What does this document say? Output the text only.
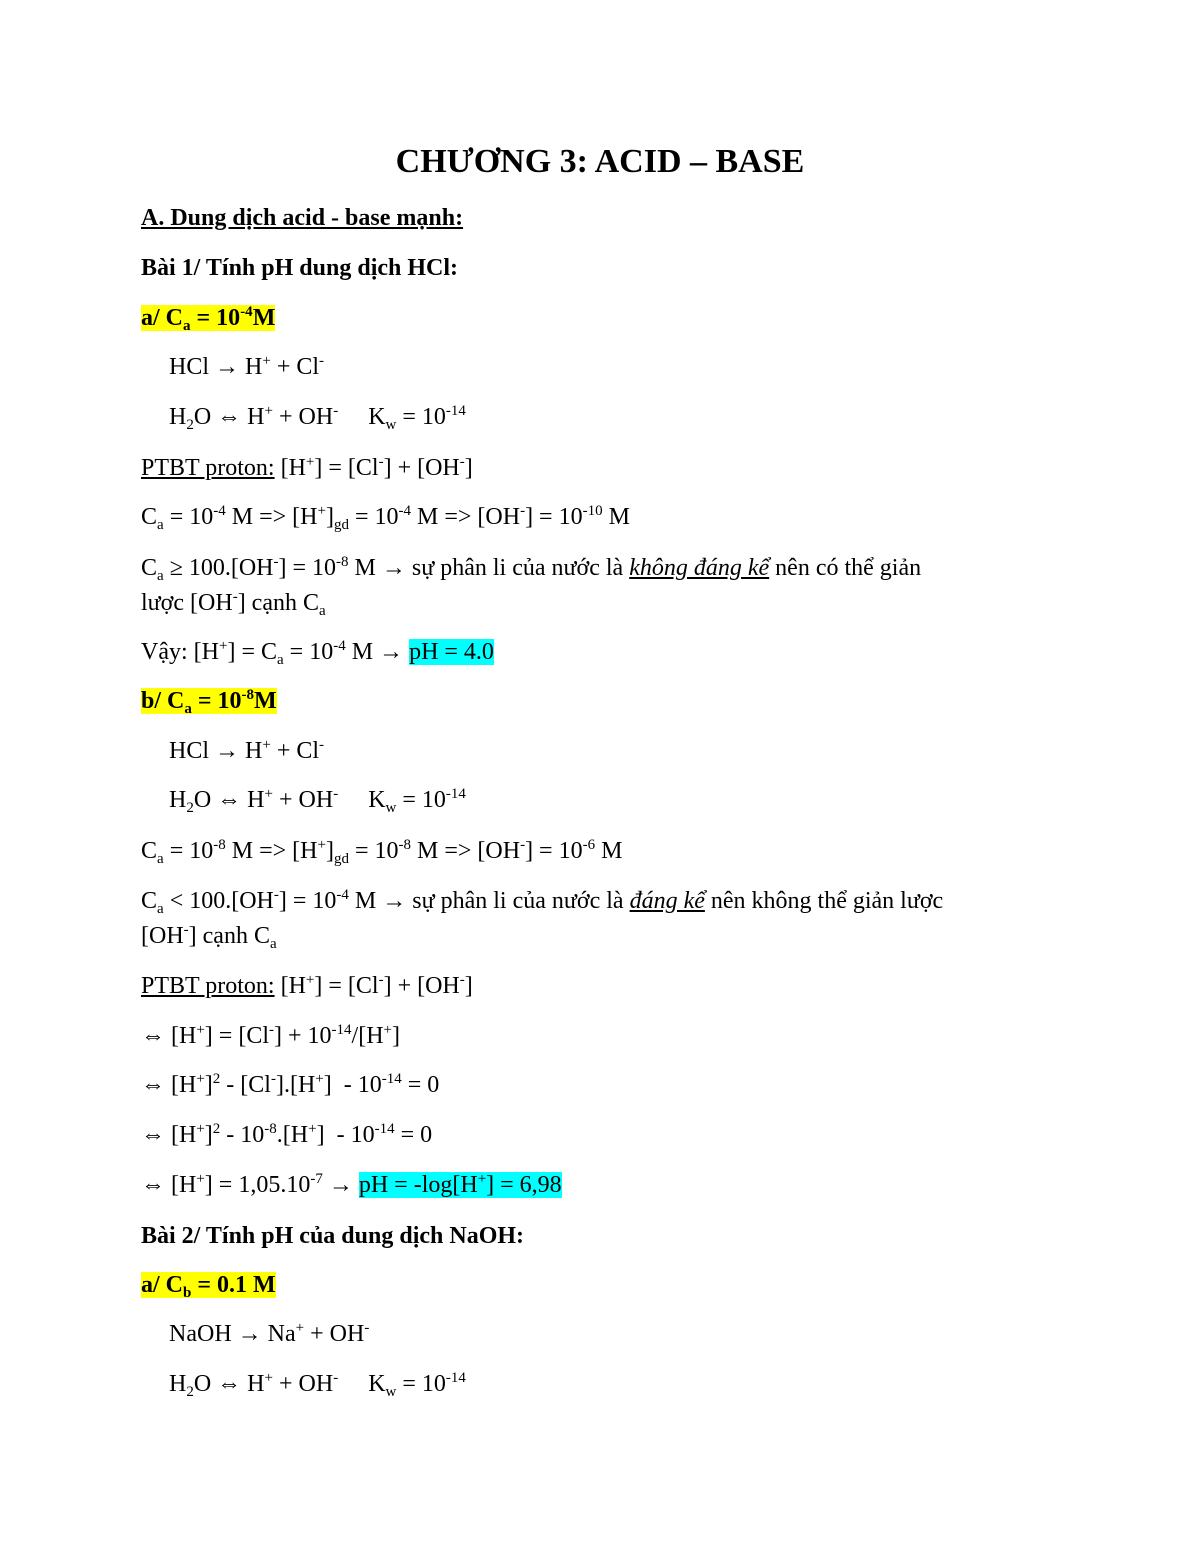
CHƯƠNG 3: ACID – BASE
A. Dung dịch acid - base mạnh:
Bài 1/ Tính pH dung dịch HCl:
a/ $C_a = 10^{-4}M$
HCl → H+ + Cl-
$H_2O$ ⇔ H+ + OH-     $K_w = 10^{-14}$
PTBT proton: [H+] = [Cl-] + [OH-]
$C_a = 10^{-4}$ $M => [H^+]_{gd} = 10^{-4}$ $M => [OH^-] = 10^{-10}$ M
$C_a \ge 100.[OH^-] = 10^{-8}$ M → sự phân li của nước là không đáng kể nên có thể giản
lược [OH-] cạnh $C_a$
Vậy: $[H^+] = C_a = 10^{-4}$ M → pH = 4.0
b/ $C_a = 10^{-8}M$
HCl → H+ + Cl-
$H_2O$ ⇔ H+ + OH-     $K_w = 10^{-14}$
$C_a = 10^{-8}$ $M => [H^+]_{gd} = 10^{-8}$ $M => [OH^-] = 10^{-6}$ M
$C_a < 100.[OH^-] = 10^{-4}$ M → sự phân li của nước là đáng kể nên không thể giản lược
[OH-] cạnh $C_a$
PTBT proton: [H+] = [Cl-] + [OH-]
⇔ $[H^+] = [Cl^-] + 10^{-14}/[H^+]$
⇔ $[H^+]^2 - [Cl^-].[H^+] - 10^{-14} = 0$
⇔ $[H^+]^2 - 10^{-8}.[H^+] - 10^{-14} = 0$
⇔ $[H^+] = 1,05.10^{-7}$ → pH = -log[H+] = 6,98
Bài 2/ Tính pH của dung dịch NaOH:
a/ $C_b = 0.1$ M
NaOH → Na+ + OH-
$H_2O$ ⇔ H+ + OH-     $K_w = 10^{-14}$
